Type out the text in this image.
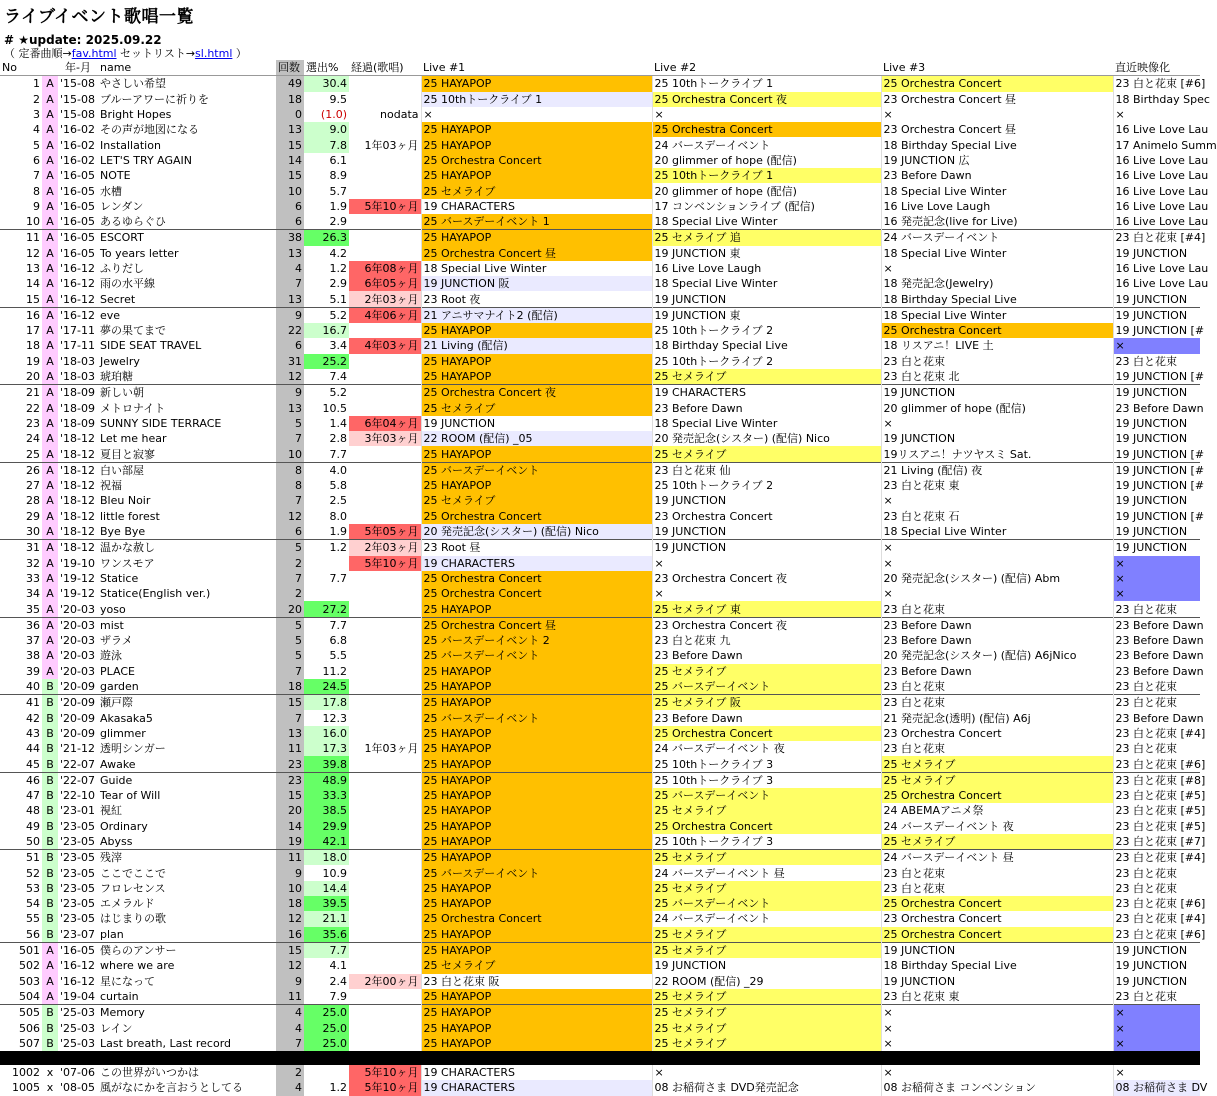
ライブイベント歌唱一覧
# ★update: 2025.09.22
（ 定番曲順→fav.html セットリスト→sl.html ）
No		年-月	name	回数	選出%	経過(歌唱)	Live #1	Live #2	Live #3	直近映像化
1	A	'15-08	やさしい希望	49	30.4		25 HAYAPOP	25 10thトークライブ 1	25 Orchestra Concert	23 白と花束 [#6]
2	A	'15-08	ブルーアワーに祈りを	18	9.5		25 10thトークライブ 1	25 Orchestra Concert 夜	23 Orchestra Concert 昼	18 Birthday Spec
3	A	'15-08	Bright Hopes	0	(1.0)	nodata	×	×	×	×
4	A	'16-02	その声が地図になる	13	9.0		25 HAYAPOP	25 Orchestra Concert	23 Orchestra Concert 昼	16 Live Love Lau
5	A	'16-02	Installation	15	7.8	1年03ヶ月	25 HAYAPOP	24 バースデーイベント	18 Birthday Special Live	17 Animelo Summ
6	A	'16-02	LET'S TRY AGAIN	14	6.1		25 Orchestra Concert	20 glimmer of hope (配信)	19 JUNCTION 広	16 Live Love Lau
7	A	'16-05	NOTE	15	8.9		25 HAYAPOP	25 10thトークライブ 1	23 Before Dawn	16 Live Love Lau
8	A	'16-05	水槽	10	5.7		25 セメライブ	20 glimmer of hope (配信)	18 Special Live Winter	16 Live Love Lau
9	A	'16-05	レンダン	6	1.9	5年10ヶ月	19 CHARACTERS	17 コンベンションライブ (配信)	16 Live Love Laugh	16 Live Love Lau
10	A	'16-05	あるゆらぐひ	6	2.9		25 バースデーイベント 1	18 Special Live Winter	16 発売記念(live for Live)	16 Live Love Lau
11	A	'16-05	ESCORT	38	26.3		25 HAYAPOP	25 セメライブ 追	24 バースデーイベント	23 白と花束 [#4]
12	A	'16-05	To years letter	13	4.2		25 Orchestra Concert 昼	19 JUNCTION 東	18 Special Live Winter	19 JUNCTION
13	A	'16-12	ふりだし	4	1.2	6年08ヶ月	18 Special Live Winter	16 Live Love Laugh	×	16 Live Love Lau
14	A	'16-12	雨の水平線	7	2.9	6年05ヶ月	19 JUNCTION 阪	18 Special Live Winter	18 発売記念(Jewelry)	16 Live Love Lau
15	A	'16-12	Secret	13	5.1	2年03ヶ月	23 Root 夜	19 JUNCTION	18 Birthday Special Live	19 JUNCTION
16	A	'16-12	eve	9	5.2	4年06ヶ月	21 アニサマナイト2 (配信)	19 JUNCTION 東	18 Special Live Winter	19 JUNCTION
17	A	'17-11	夢の果てまで	22	16.7		25 HAYAPOP	25 10thトークライブ 2	25 Orchestra Concert	19 JUNCTION [#
18	A	'17-11	SIDE SEAT TRAVEL	6	3.4	4年03ヶ月	21 Living (配信)	18 Birthday Special Live	18 リスアニ！LIVE 土	×
19	A	'18-03	Jewelry	31	25.2		25 HAYAPOP	25 10thトークライブ 2	23 白と花束	23 白と花束
20	A	'18-03	琥珀糖	12	7.4		25 HAYAPOP	25 セメライブ	23 白と花束 北	19 JUNCTION [#
21	A	'18-09	新しい朝	9	5.2		25 Orchestra Concert 夜	19 CHARACTERS	19 JUNCTION	19 JUNCTION
22	A	'18-09	メトロナイト	13	10.5		25 セメライブ	23 Before Dawn	20 glimmer of hope (配信)	23 Before Dawn
23	A	'18-09	SUNNY SIDE TERRACE	5	1.4	6年04ヶ月	19 JUNCTION	18 Special Live Winter	×	19 JUNCTION
24	A	'18-12	Let me hear	7	2.8	3年03ヶ月	22 ROOM (配信) _05	20 発売記念(シスター) (配信) Nico	19 JUNCTION	19 JUNCTION
25	A	'18-12	夏目と寂寥	10	7.7		25 HAYAPOP	25 セメライブ	19リスアニ！ナツヤスミ Sat.	19 JUNCTION [#
26	A	'18-12	白い部屋	8	4.0		25 バースデーイベント	23 白と花束 仙	21 Living (配信) 夜	19 JUNCTION [#
27	A	'18-12	祝福	8	5.8		25 HAYAPOP	25 10thトークライブ 2	23 白と花束 東	19 JUNCTION [#
28	A	'18-12	Bleu Noir	7	2.5		25 セメライブ	19 JUNCTION	×	19 JUNCTION
29	A	'18-12	little forest	12	8.0		25 Orchestra Concert	23 Orchestra Concert	23 白と花束 石	19 JUNCTION [#
30	A	'18-12	Bye Bye	6	1.9	5年05ヶ月	20 発売記念(シスター) (配信) Nico	19 JUNCTION	18 Special Live Winter	19 JUNCTION
31	A	'18-12	温かな赦し	5	1.2	2年03ヶ月	23 Root 昼	19 JUNCTION	×	19 JUNCTION
32	A	'19-10	ワンスモア	2		5年10ヶ月	19 CHARACTERS	×	×	×
33	A	'19-12	Statice	7	7.7		25 Orchestra Concert	23 Orchestra Concert 夜	20 発売記念(シスター) (配信) Abm	×
34	A	'19-12	Statice(English ver.)	2			25 Orchestra Concert	×	×	×
35	A	'20-03	yoso	20	27.2		25 HAYAPOP	25 セメライブ 東	23 白と花束	23 白と花束
36	A	'20-03	mist	5	7.7		25 Orchestra Concert 昼	23 Orchestra Concert 夜	23 Before Dawn	23 Before Dawn
37	A	'20-03	ザラメ	5	6.8		25 バースデーイベント 2	23 白と花束 九	23 Before Dawn	23 Before Dawn
38	A	'20-03	遊泳	5	5.5		25 バースデーイベント	23 Before Dawn	20 発売記念(シスター) (配信) A6jNico	23 Before Dawn
39	A	'20-03	PLACE	7	11.2		25 HAYAPOP	25 セメライブ	23 Before Dawn	23 Before Dawn
40	B	'20-09	garden	18	24.5		25 HAYAPOP	25 バースデーイベント	23 白と花束	23 白と花束
41	B	'20-09	瀬戸際	15	17.8		25 HAYAPOP	25 セメライブ 阪	23 白と花束	23 白と花束
42	B	'20-09	Akasaka5	7	12.3		25 バースデーイベント	23 Before Dawn	21 発売記念(透明) (配信) A6j	23 Before Dawn
43	B	'20-09	glimmer	13	16.0		25 HAYAPOP	25 Orchestra Concert	23 Orchestra Concert	23 白と花束 [#4]
44	B	'21-12	透明シンガー	11	17.3	1年03ヶ月	25 HAYAPOP	24 バースデーイベント 夜	23 白と花束	23 白と花束
45	B	'22-07	Awake	23	39.8		25 HAYAPOP	25 10thトークライブ 3	25 セメライブ	23 白と花束 [#6]
46	B	'22-07	Guide	23	48.9		25 HAYAPOP	25 10thトークライブ 3	25 セメライブ	23 白と花束 [#8]
47	B	'22-10	Tear of Will	15	33.3		25 HAYAPOP	25 バースデーイベント	25 Orchestra Concert	23 白と花束 [#5]
48	B	'23-01	視紅	20	38.5		25 HAYAPOP	25 セメライブ	24 ABEMAアニメ祭	23 白と花束 [#5]
49	B	'23-05	Ordinary	14	29.9		25 HAYAPOP	25 Orchestra Concert	24 バースデーイベント 夜	23 白と花束 [#5]
50	B	'23-05	Abyss	19	42.1		25 HAYAPOP	25 10thトークライブ 3	25 セメライブ	23 白と花束 [#7]
51	B	'23-05	残滓	11	18.0		25 HAYAPOP	25 セメライブ	24 バースデーイベント 昼	23 白と花束 [#4]
52	B	'23-05	ここでここで	9	10.9		25 バースデーイベント	24 バースデーイベント 昼	23 白と花束	23 白と花束
53	B	'23-05	フロレセンス	10	14.4		25 HAYAPOP	25 セメライブ	23 白と花束	23 白と花束
54	B	'23-05	エメラルド	18	39.5		25 HAYAPOP	25 バースデーイベント	25 Orchestra Concert	23 白と花束 [#6]
55	B	'23-05	はじまりの歌	12	21.1		25 Orchestra Concert	24 バースデーイベント	23 Orchestra Concert	23 白と花束 [#4]
56	B	'23-07	plan	16	35.6		25 HAYAPOP	25 セメライブ	25 Orchestra Concert	23 白と花束 [#6]
501	A	'16-05	僕らのアンサー	15	7.7		25 HAYAPOP	25 セメライブ	19 JUNCTION	19 JUNCTION
502	A	'16-12	where we are	12	4.1		25 セメライブ	19 JUNCTION	18 Birthday Special Live	19 JUNCTION
503	A	'16-12	星になって	9	2.4	2年00ヶ月	23 白と花束 阪	22 ROOM (配信) _29	19 JUNCTION	19 JUNCTION
504	A	'19-04	curtain	11	7.9		25 HAYAPOP	25 セメライブ	23 白と花束 東	23 白と花束
505	B	'25-03	Memory	4	25.0		25 HAYAPOP	25 セメライブ	×	×
506	B	'25-03	レイン	4	25.0		25 HAYAPOP	25 セメライブ	×	×
507	B	'25-03	Last breath, Last record	7	25.0		25 HAYAPOP	25 セメライブ	×	×

1002	x	'07-06	この世界がいつかは	2		5年10ヶ月	19 CHARACTERS	×	×	×
1005	x	'08-05	風がなにかを言おうとしてる	4	1.2	5年10ヶ月	19 CHARACTERS	08 お稲荷さま DVD発売記念	08 お稲荷さま コンベンション	08 お稲荷さま DV
